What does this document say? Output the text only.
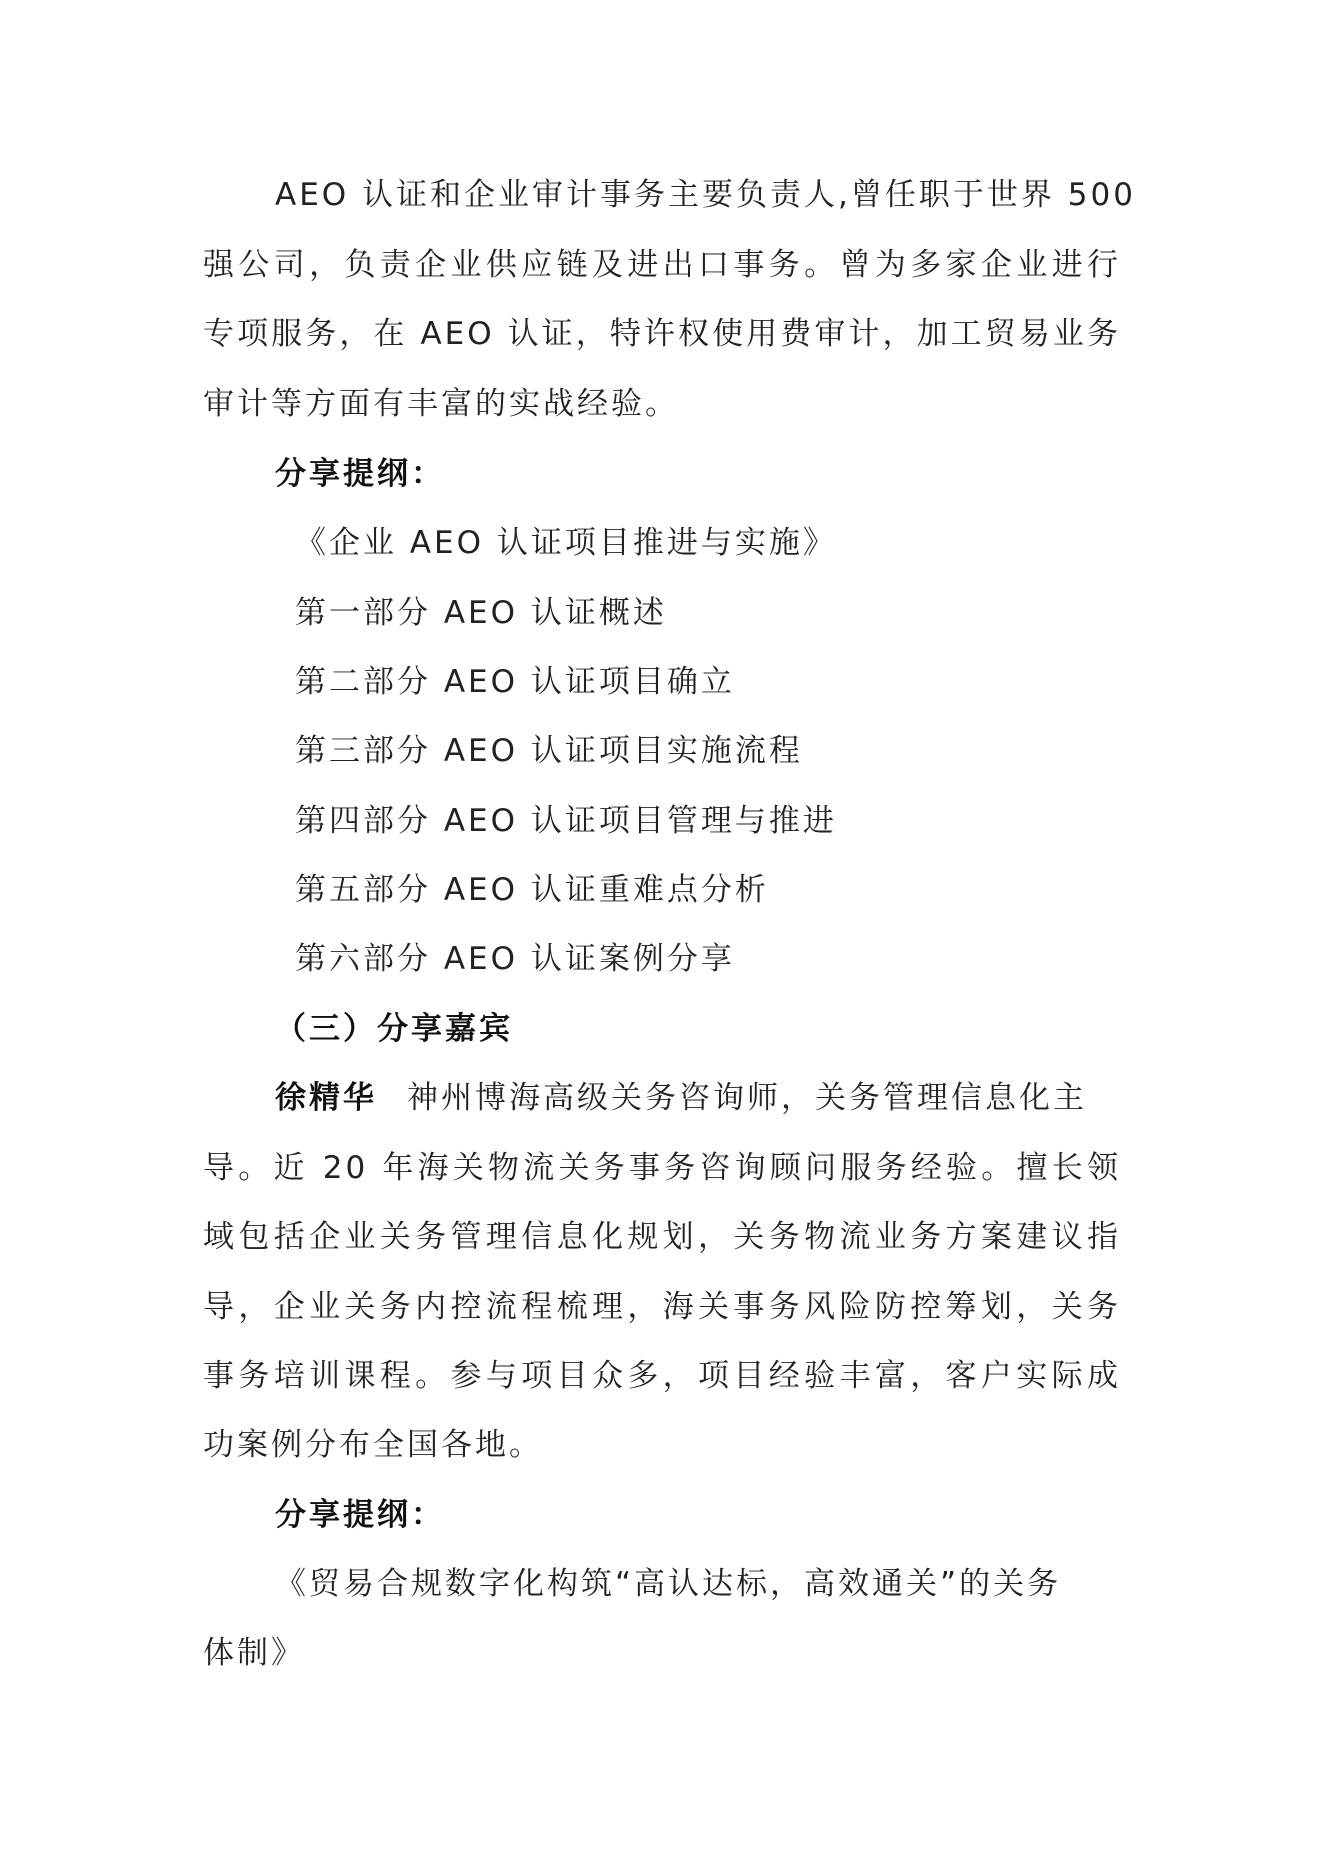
AEO 认证和企业审计事务主要负责人,曾任职于世界 500
强公司，负责企业供应链及进出口事务。曾为多家企业进行
专项服务，在 AEO 认证，特许权使用费审计，加工贸易业务
审计等方面有丰富的实战经验。
分享提纲：
《企业 AEO 认证项目推进与实施》
第一部分 AEO 认证概述
第二部分 AEO 认证项目确立
第三部分 AEO 认证项目实施流程
第四部分 AEO 认证项目管理与推进
第五部分 AEO 认证重难点分析
第六部分 AEO 认证案例分享
（三）分享嘉宾
徐精华 神州博海高级关务咨询师，关务管理信息化主
导。近 20 年海关物流关务事务咨询顾问服务经验。擅长领
域包括企业关务管理信息化规划，关务物流业务方案建议指
导，企业关务内控流程梳理，海关事务风险防控筹划，关务
事务培训课程。参与项目众多，项目经验丰富，客户实际成
功案例分布全国各地。
分享提纲：
《贸易合规数字化构筑“高认达标，高效通关”的关务
体制》
